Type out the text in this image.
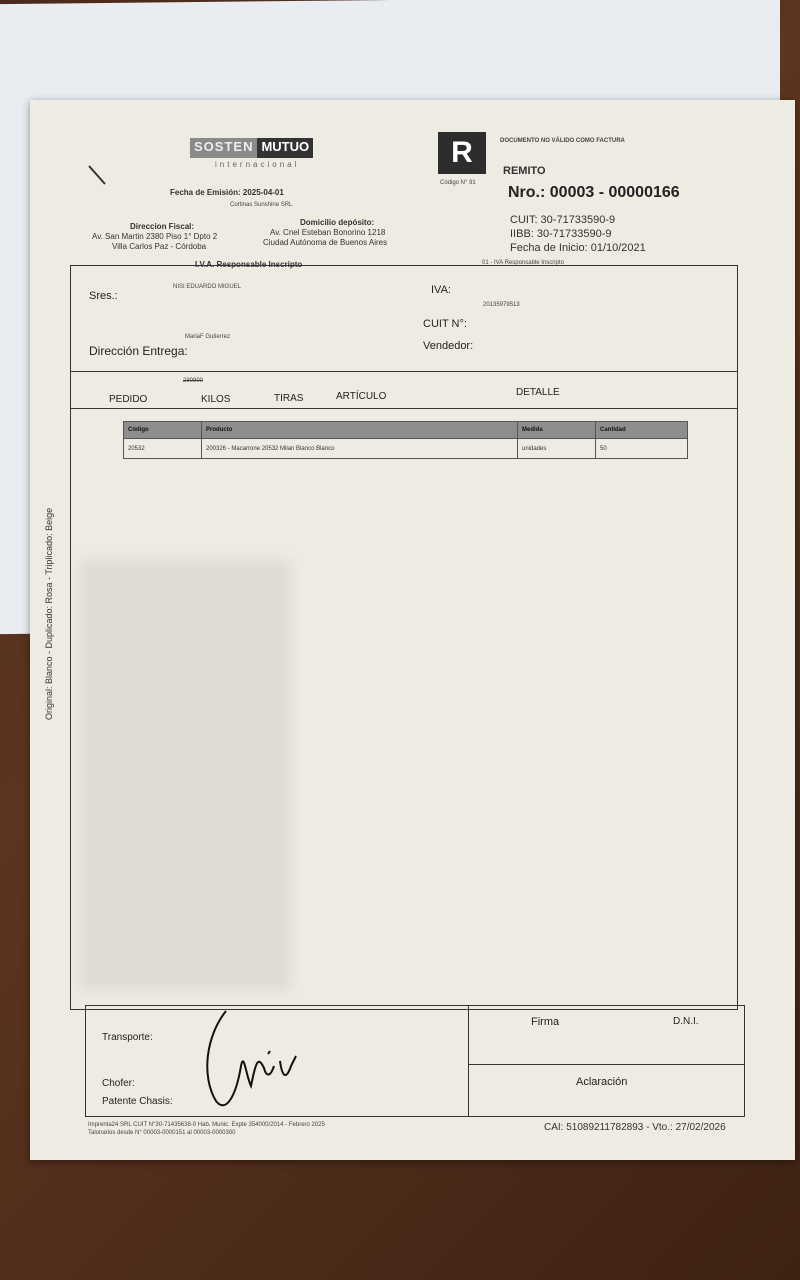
SOSTEN MUTUO
internacional
Fecha de Emisión: 2025-04-01
Cortinas Sunshine SRL
Direccion Fiscal:
Av. San Martin 2380 Piso 1° Dpto 2
Villa Carlos Paz - Córdoba
Domicilio depósito:
Av. Cnel Esteban Bonorino 1218
Ciudad Autónoma de Buenos Aires
I.V.A. Responsable Inscripto
R
Código N° 91
DOCUMENTO NO VÁLIDO COMO FACTURA
REMITO
Nro.: 00003 - 00000166
CUIT: 30-71733590-9
IIBB: 30-71733590-9
Fecha de Inicio: 01/10/2021
01 - IVA Responsable Inscripto
Sres.:
NISI EDUARDO MIGUEL	IVA:
20135979513
CUIT N°:
MariaF Gutierrez
Dirección Entrega:	Vendedor:
230900
PEDIDO	KILOS	TIRAS	ARTÍCULO	DETALLE
Código	Producto	Medida	Cantidad
20532	200326 - Macarrone 20532 Milan Blanco Blanco	unidades	50
Original: Blanco - Duplicado: Rosa - Triplicado: Beige
Transporte:
Chofer:
Patente Chasis:
Firma	D.N.I.
Aclaración
Imprenta24 SRL CUIT N°30-71435638-0 Hab. Munic. Expte 354000/2014 - Febrero 2025
Talonarios desde N° 00003-0000151 al 00003-0000300	CAI: 51089211782893 - Vto.: 27/02/2026
